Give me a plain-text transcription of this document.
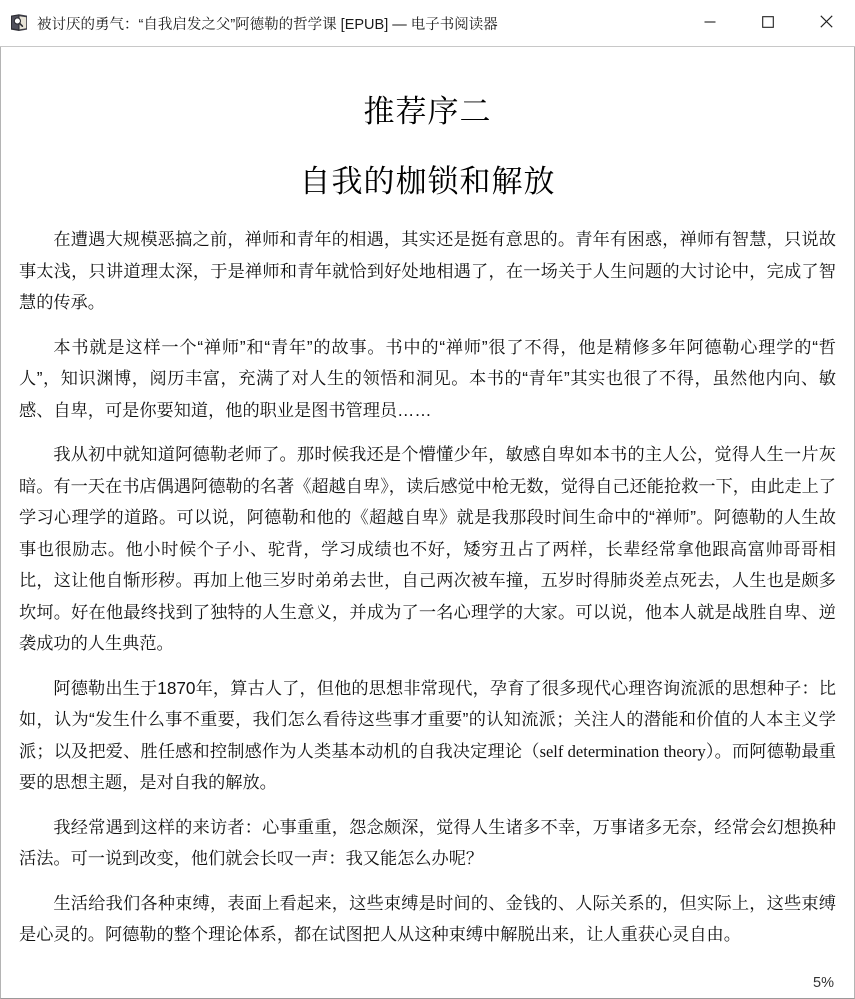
被讨厌的勇气：“自我启发之父”阿德勒的哲学课 [EPUB] — 电子书阅读器
推荐序二
自我的枷锁和解放

在遭遇大规模恶搞之前，禅师和青年的相遇，其实还是挺有意思的。青年有困惑，禅师有智慧，只说故事太浅，只讲道理太深，于是禅师和青年就恰到好处地相遇了，在一场关于人生问题的大讨论中，完成了智慧的传承。

本书就是这样一个“禅师”和“青年”的故事。书中的“禅师”很了不得，他是精修多年阿德勒心理学的“哲人”，知识渊博，阅历丰富，充满了对人生的领悟和洞见。本书的“青年”其实也很了不得，虽然他内向、敏感、自卑，可是你要知道，他的职业是图书管理员……

我从初中就知道阿德勒老师了。那时候我还是个懵懂少年，敏感自卑如本书的主人公，觉得人生一片灰暗。有一天在书店偶遇阿德勒的名著《超越自卑》，读后感觉中枪无数，觉得自己还能抢救一下，由此走上了学习心理学的道路。可以说，阿德勒和他的《超越自卑》就是我那段时间生命中的“禅师”。阿德勒的人生故事也很励志。他小时候个子小、驼背，学习成绩也不好，矮穷丑占了两样，长辈经常拿他跟高富帅哥哥相比，这让他自惭形秽。再加上他三岁时弟弟去世，自己两次被车撞，五岁时得肺炎差点死去，人生也是颇多坎坷。好在他最终找到了独特的人生意义，并成为了一名心理学的大家。可以说，他本人就是战胜自卑、逆袭成功的人生典范。

阿德勒出生于1870年，算古人了，但他的思想非常现代，孕育了很多现代心理咨询流派的思想种子：比如，认为“发生什么事不重要，我们怎么看待这些事才重要”的认知流派；关注人的潜能和价值的人本主义学派；以及把爱、胜任感和控制感作为人类基本动机的自我决定理论（self determination theory）。而阿德勒最重要的思想主题，是对自我的解放。

我经常遇到这样的来访者：心事重重，怨念颇深，觉得人生诸多不幸，万事诸多无奈，经常会幻想换种活法。可一说到改变，他们就会长叹一声：我又能怎么办呢？

生活给我们各种束缚，表面上看起来，这些束缚是时间的、金钱的、人际关系的，但实际上，这些束缚是心灵的。阿德勒的整个理论体系，都在试图把人从这种束缚中解脱出来，让人重获心灵自由。

5%
